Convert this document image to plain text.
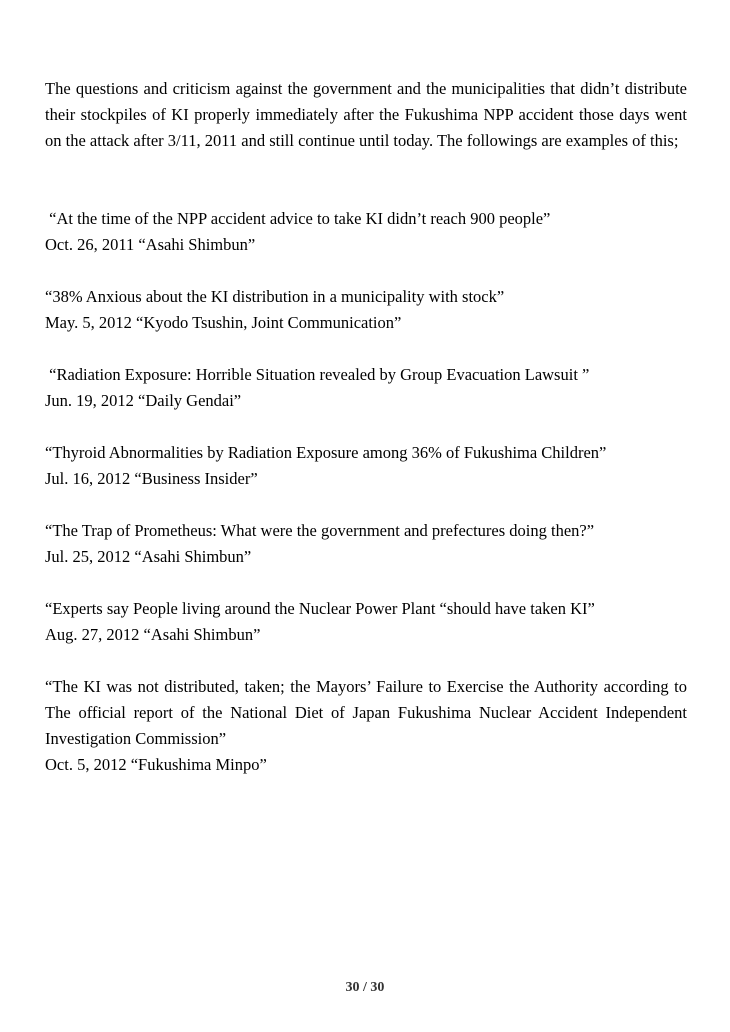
The questions and criticism against the government and the municipalities that didn’t distribute their stockpiles of KI properly immediately after the Fukushima NPP accident those days went on the attack after 3/11, 2011 and still continue until today. The followings are examples of this;

“At the time of the NPP accident advice to take KI didn’t reach 900 people”

Oct. 26, 2011 “Asahi Shimbun”

“38% Anxious about the KI distribution in a municipality with stock”

May. 5, 2012 “Kyodo Tsushin, Joint Communication”

“Radiation Exposure: Horrible Situation revealed by Group Evacuation Lawsuit ”

Jun. 19, 2012 “Daily Gendai”

“Thyroid Abnormalities by Radiation Exposure among 36% of Fukushima Children”

Jul. 16, 2012 “Business Insider”

“The Trap of Prometheus: What were the government and prefectures doing then?”

Jul. 25, 2012 “Asahi Shimbun”

“Experts say People living around the Nuclear Power Plant “should have taken KI”

Aug. 27, 2012 “Asahi Shimbun”

“The KI was not distributed, taken; the Mayors’ Failure to Exercise the Authority according to The official report of the National Diet of Japan Fukushima Nuclear Accident Independent Investigation Commission”

Oct. 5, 2012 “Fukushima Minpo”

30 / 30
